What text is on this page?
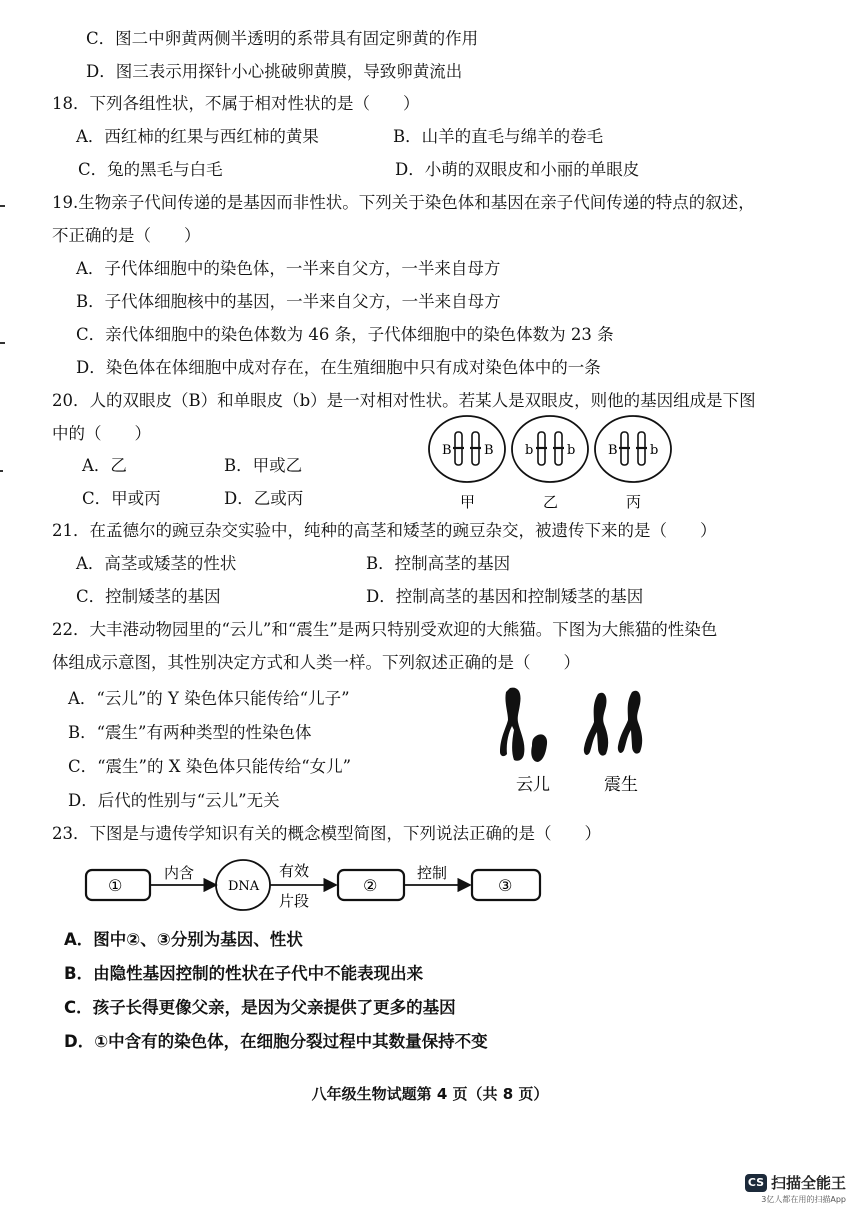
C．图二中卵黄两侧半透明的系带具有固定卵黄的作用
D．图三表示用探针小心挑破卵黄膜，导致卵黄流出
18．下列各组性状，不属于相对性状的是（　　）
A．西红柿的红果与西红柿的黄果	B．山羊的直毛与绵羊的卷毛
C．兔的黑毛与白毛	D．小萌的双眼皮和小丽的单眼皮
19.生物亲子代间传递的是基因而非性状。下列关于染色体和基因在亲子代间传递的特点的叙述，
不正确的是（　　）
A．子代体细胞中的染色体，一半来自父方，一半来自母方
B．子代体细胞核中的基因，一半来自父方，一半来自母方
C．亲代体细胞中的染色体数为 46 条，子代体细胞中的染色体数为 23 条
D．染色体在体细胞中成对存在，在生殖细胞中只有成对染色体中的一条
20．人的双眼皮（B）和单眼皮（b）是一对相对性状。若某人是双眼皮，则他的基因组成是下图
中的（　　）
A．乙	B．甲或乙
C．甲或丙	D．乙或丙
B B
甲
b	b
乙
B b
丙
21．在孟德尔的豌豆杂交实验中，纯种的高茎和矮茎的豌豆杂交，被遗传下来的是（　　）
A．高茎或矮茎的性状	B．控制高茎的基因
C．控制矮茎的基因	D．控制高茎的基因和控制矮茎的基因
22．大丰港动物园里的“云儿”和“震生”是两只特别受欢迎的大熊猫。下图为大熊猫的性染色
体组成示意图，其性别决定方式和人类一样。下列叙述正确的是（　　）
A．“云儿”的 Y 染色体只能传给“儿子”
B．“震生”有两种类型的性染色体
C．“震生”的 X 染色体只能传给“女儿”
D．后代的性别与“云儿”无关
云儿	震生
23．下图是与遗传学知识有关的概念模型简图，下列说法正确的是（　　）
①
内含
DNA
有效
片段
②
控制
③
A．图中②、③分别为基因、性状
B．由隐性基因控制的性状在子代中不能表现出来
C．孩子长得更像父亲，是因为父亲提供了更多的基因
D．①中含有的染色体，在细胞分裂过程中其数量保持不变
八年级生物试题第 4 页（共 8 页）
CS 扫描全能王
3亿人都在用的扫描App
